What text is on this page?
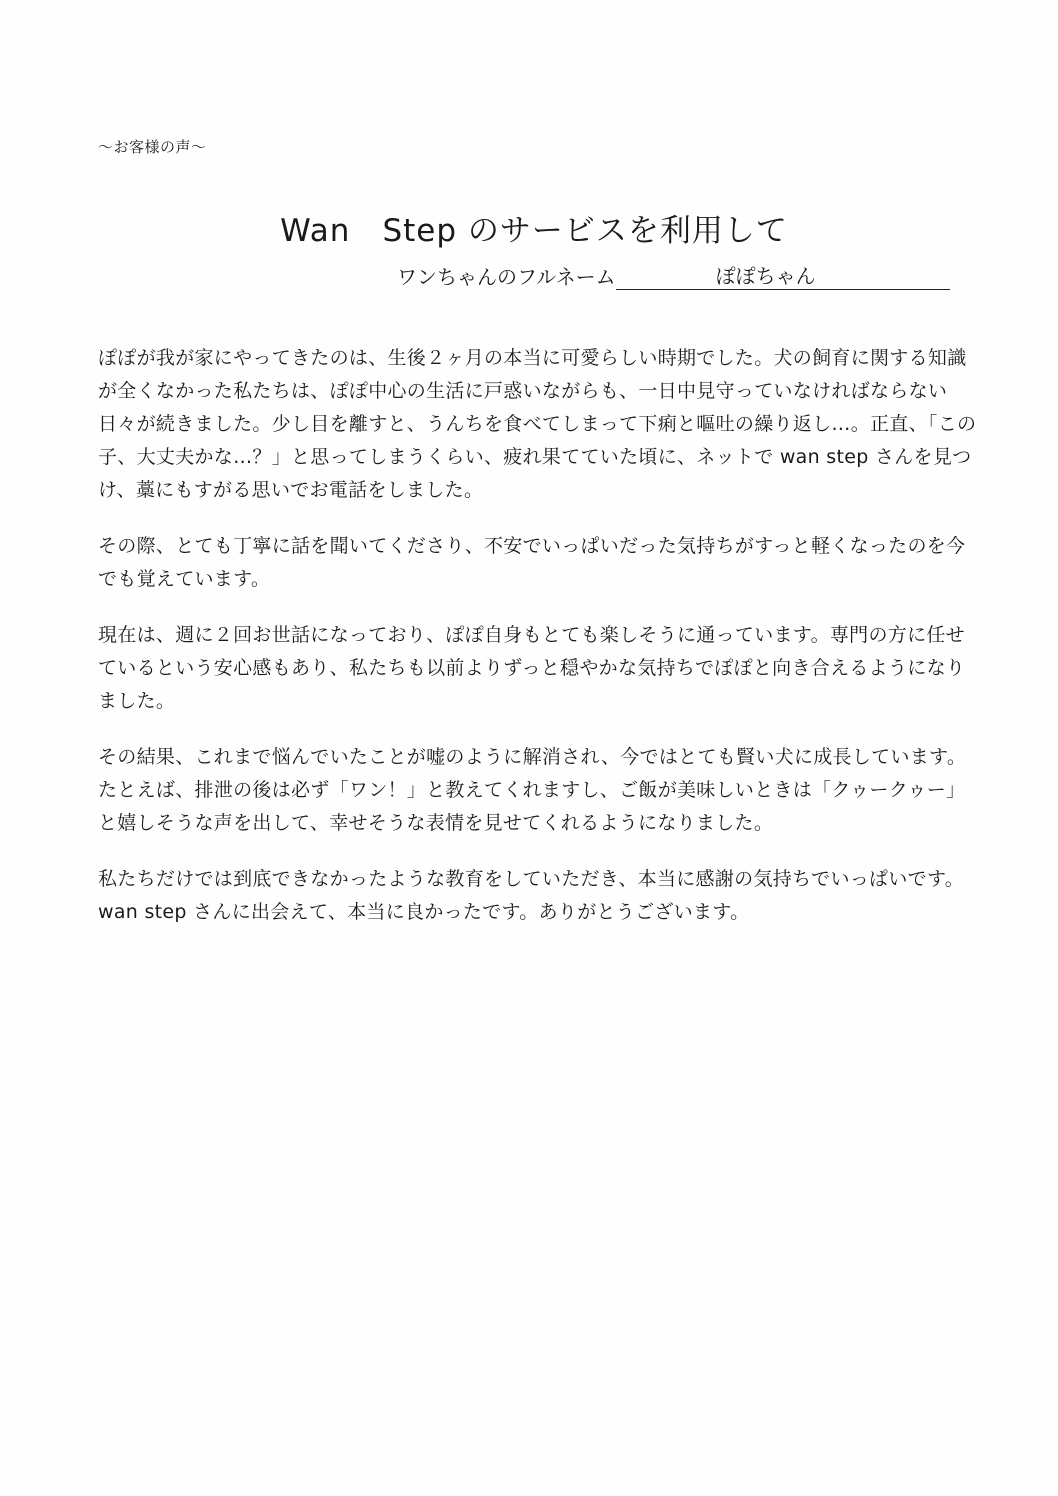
～お客様の声～
Wan　Step のサービスを利用して
ワンちゃんのフルネーム	ぽぽちゃん

ぽぽが我が家にやってきたのは、生後２ヶ月の本当に可愛らしい時期でした。犬の飼育に関する知識が全くなかった私たちは、ぽぽ中心の生活に戸惑いながらも、一日中見守っていなければならない日々が続きました。少し目を離すと、うんちを食べてしまって下痢と嘔吐の繰り返し…。正直、「この子、大丈夫かな…？」と思ってしまうくらい、疲れ果てていた頃に、ネットで wan step さんを見つけ、藁にもすがる思いでお電話をしました。

その際、とても丁寧に話を聞いてくださり、不安でいっぱいだった気持ちがすっと軽くなったのを今でも覚えています。

現在は、週に２回お世話になっており、ぽぽ自身もとても楽しそうに通っています。専門の方に任せているという安心感もあり、私たちも以前よりずっと穏やかな気持ちでぽぽと向き合えるようになりました。

その結果、これまで悩んでいたことが嘘のように解消され、今ではとても賢い犬に成長しています。たとえば、排泄の後は必ず「ワン！」と教えてくれますし、ご飯が美味しいときは「クゥークゥー」と嬉しそうな声を出して、幸せそうな表情を見せてくれるようになりました。

私たちだけでは到底できなかったような教育をしていただき、本当に感謝の気持ちでいっぱいです。wan step さんに出会えて、本当に良かったです。ありがとうございます。
